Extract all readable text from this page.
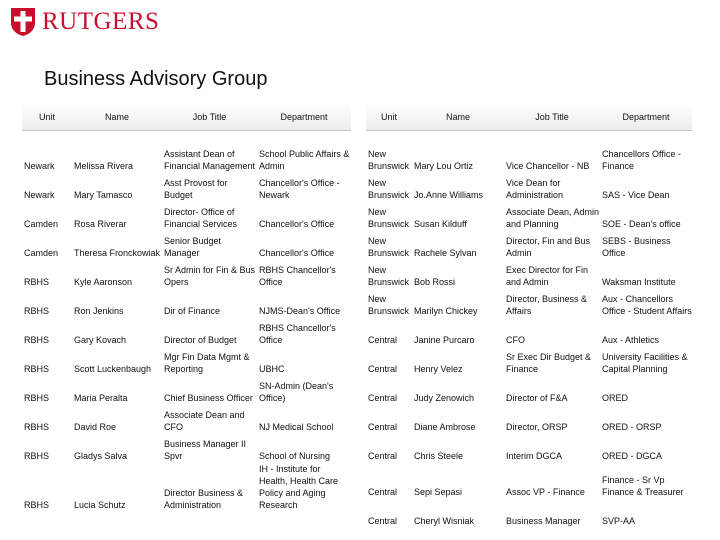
RUTGERS
Business Advisory Group
Unit	Name	Job Title	Department
Newark	Melissa Rivera	Assistant Dean of Financial Management	School Public Affairs & Admin
Newark	Mary Tamasco	Asst Provost for Budget	Chancellor's Office - Newark
Camden	Rosa Riverar	Director- Office of Financial Services	Chancellor's Office
Camden	Theresa Fronckowiak	Senior Budget Manager	Chancellor's Office
RBHS	Kyle Aaronson	Sr Admin for Fin & Bus Opers	RBHS Chancellor's Office
RBHS	Ron Jenkins	Dir of Finance	NJMS-Dean's Office
RBHS	Gary Kovach	Director of Budget	RBHS Chancellor's Office
RBHS	Scott Luckenbaugh	Mgr Fin Data Mgmt & Reporting	UBHC
RBHS	Maria Peralta	Chief Business Officer	SN-Admin (Dean's Office)
RBHS	David Roe	Associate Dean and CFO	NJ Medical School
RBHS	Gladys Salva	Business Manager II Spvr	School of Nursing
RBHS	Lucia Schutz	Director Business & Administration	IH - Institute for Health, Health Care Policy and Aging Research
Unit	Name	Job Title	Department
New Brunswick	Mary Lou Ortiz	Vice Chancellor - NB	Chancellors Office - Finance
New Brunswick	Jo.Anne Williams	Vice Dean for Administration	SAS - Vice Dean
New Brunswick	Susan Kilduff	Associate Dean, Admin and Planning	SOE - Dean's office
New Brunswick	Rachele Sylvan	Director, Fin and Bus Admin	SEBS - Business Office
New Brunswick	Bob Rossi	Exec Director for Fin and Admin	Waksman Institute
New Brunswick	Marilyn Chickey	Director, Business & Affairs	Aux - Chancellors Office - Student Affairs
Central	Janine Purcaro	CFO	Aux - Athletics
Central	Henry Velez	Sr Exec Dir Budget & Finance	University Facilities & Capital Planning
Central	Judy Zenowich	Director of F&A	ORED
Central	Diane Ambrose	Director, ORSP	ORED - ORSP
Central	Chris Steele	Interim DGCA	ORED - DGCA
Central	Sepi Sepasi	Assoc VP - Finance	Finance - Sr Vp Finance & Treasurer
Central	Cheryl Wisniak	Business Manager	SVP-AA
